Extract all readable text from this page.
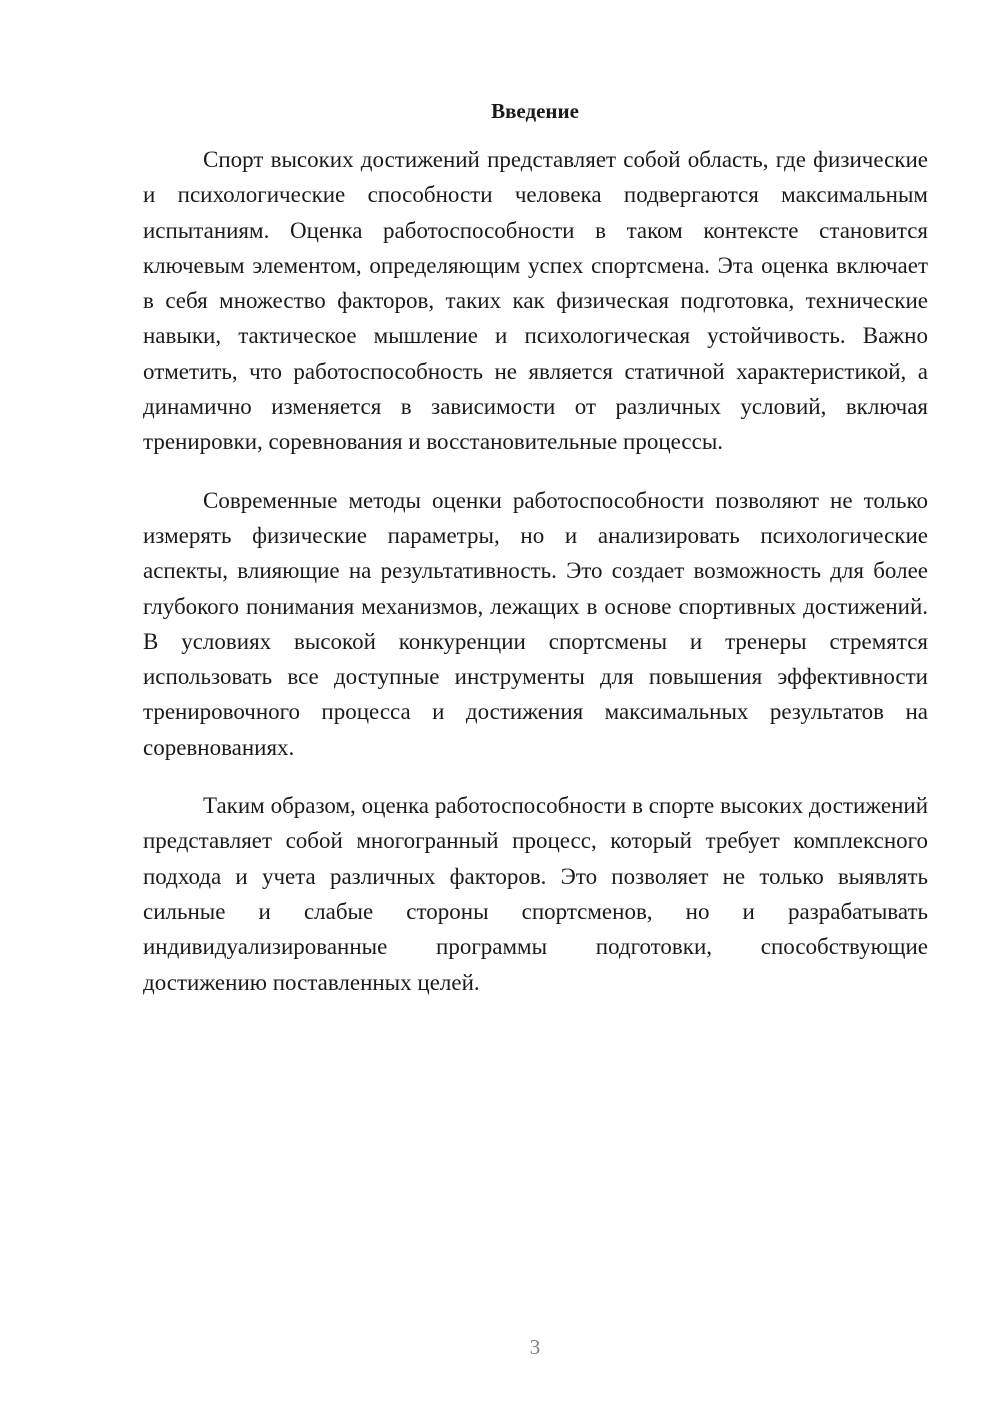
Введение

Спорт высоких достижений представляет собой область, где физические и психологические способности человека подвергаются максимальным испытаниям. Оценка работоспособности в таком контексте становится ключевым элементом, определяющим успех спортсмена. Эта оценка включает в себя множество факторов, таких как физическая подготовка, технические навыки, тактическое мышление и психологическая устойчивость. Важно отметить, что работоспособность не является статичной характеристикой, а динамично изменяется в зависимости от различных условий, включая тренировки, соревнования и восстановительные процессы.

Современные методы оценки работоспособности позволяют не только измерять физические параметры, но и анализировать психологические аспекты, влияющие на результативность. Это создает возможность для более глубокого понимания механизмов, лежащих в основе спортивных достижений. В условиях высокой конкуренции спортсмены и тренеры стремятся использовать все доступные инструменты для повышения эффективности тренировочного процесса и достижения максимальных результатов на соревнованиях.

Таким образом, оценка работоспособности в спорте высоких достижений представляет собой многогранный процесс, который требует комплексного подхода и учета различных факторов. Это позволяет не только выявлять сильные и слабые стороны спортсменов, но и разрабатывать индивидуализированные программы подготовки, способствующие достижению поставленных целей.

3
